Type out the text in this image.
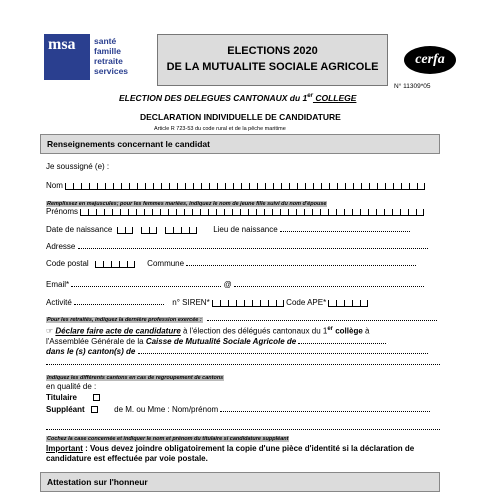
msa santé
famille
retraite
services
ELECTIONS 2020
DE LA MUTUALITE SOCIALE AGRICOLE	cerfa
N° 11309*05
ELECTION DES DELEGUES CANTONAUX du 1er COLLEGE
DECLARATION INDIVIDUELLE DE CANDIDATURE
Article R 723-53 du code rural et de la pêche maritime
Renseignements concernant le candidat
Je soussigné (e) :
Nom
Remplissez en majuscules; pour les femmes mariées, indiquez le nom de jeune fille suivi du nom d'épouse
Prénoms
Date de naissance	Lieu de naissance
Adresse
Code postal	Commune
Email*	@
Activité	n° SIREN*	Code APE*
Pour les retraités, indiquez la dernière profession exercée :
☞ Déclare faire acte de candidature à l'élection des délégués cantonaux du 1er collège à
l'Assemblée Générale de la Caisse de Mutualité Sociale Agricole de
dans le (s) canton(s) de
Indiquez les différents cantons en cas de regroupement de cantons
en qualité de :
Titulaire
Suppléant	de M. ou Mme : Nom/prénom
Cochez la case concernée et indiquer le nom et prénom du titulaire si candidature suppléant
Important : Vous devez joindre obligatoirement la copie d'une pièce d'identité si la déclaration de candidature est effectuée par voie postale.
Attestation sur l'honneur
